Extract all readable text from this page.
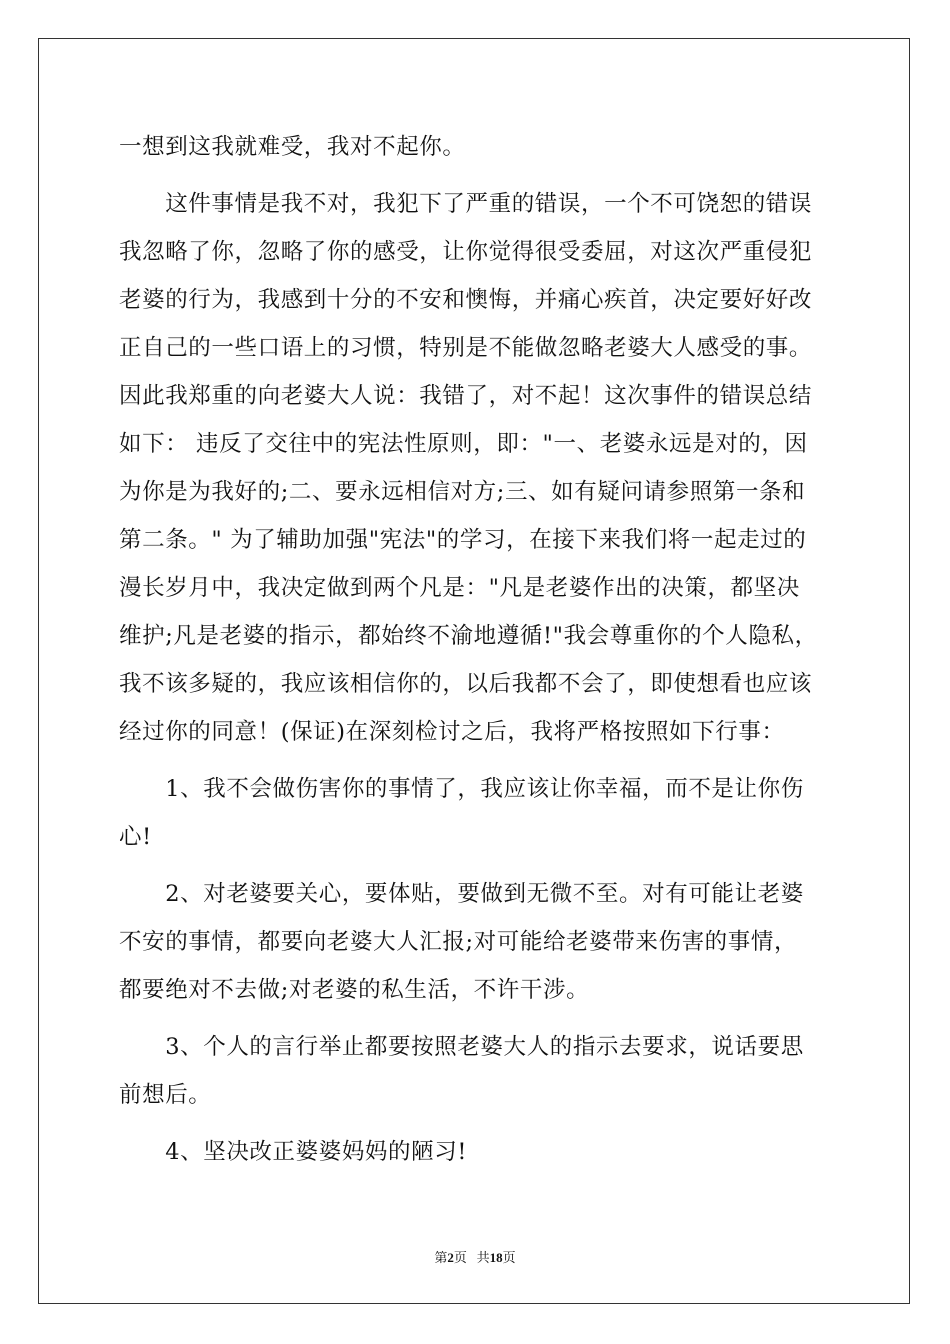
一想到这我就难受，我对不起你。
　　这件事情是我不对，我犯下了严重的错误，一个不可饶恕的错误
我忽略了你，忽略了你的感受，让你觉得很受委屈，对这次严重侵犯
老婆的行为，我感到十分的不安和懊悔，并痛心疾首，决定要好好改
正自己的一些口语上的习惯，特别是不能做忽略老婆大人感受的事。
因此我郑重的向老婆大人说：我错了，对不起！这次事件的错误总结
如下： 违反了交往中的宪法性原则，即："一、老婆永远是对的，因
为你是为我好的;二、要永远相信对方;三、如有疑问请参照第一条和
第二条。" 为了辅助加强"宪法"的学习，在接下来我们将一起走过的
漫长岁月中，我决定做到两个凡是："凡是老婆作出的决策，都坚决
维护;凡是老婆的指示，都始终不渝地遵循!"我会尊重你的个人隐私，
我不该多疑的，我应该相信你的，以后我都不会了，即使想看也应该
经过你的同意！(保证)在深刻检讨之后，我将严格按照如下行事：
　　1、我不会做伤害你的事情了，我应该让你幸福，而不是让你伤
心!
　　2、对老婆要关心，要体贴，要做到无微不至。对有可能让老婆
不安的事情，都要向老婆大人汇报;对可能给老婆带来伤害的事情，
都要绝对不去做;对老婆的私生活，不许干涉。
　　3、个人的言行举止都要按照老婆大人的指示去要求，说话要思
前想后。
　　4、坚决改正婆婆妈妈的陋习!
第2页 共18页
